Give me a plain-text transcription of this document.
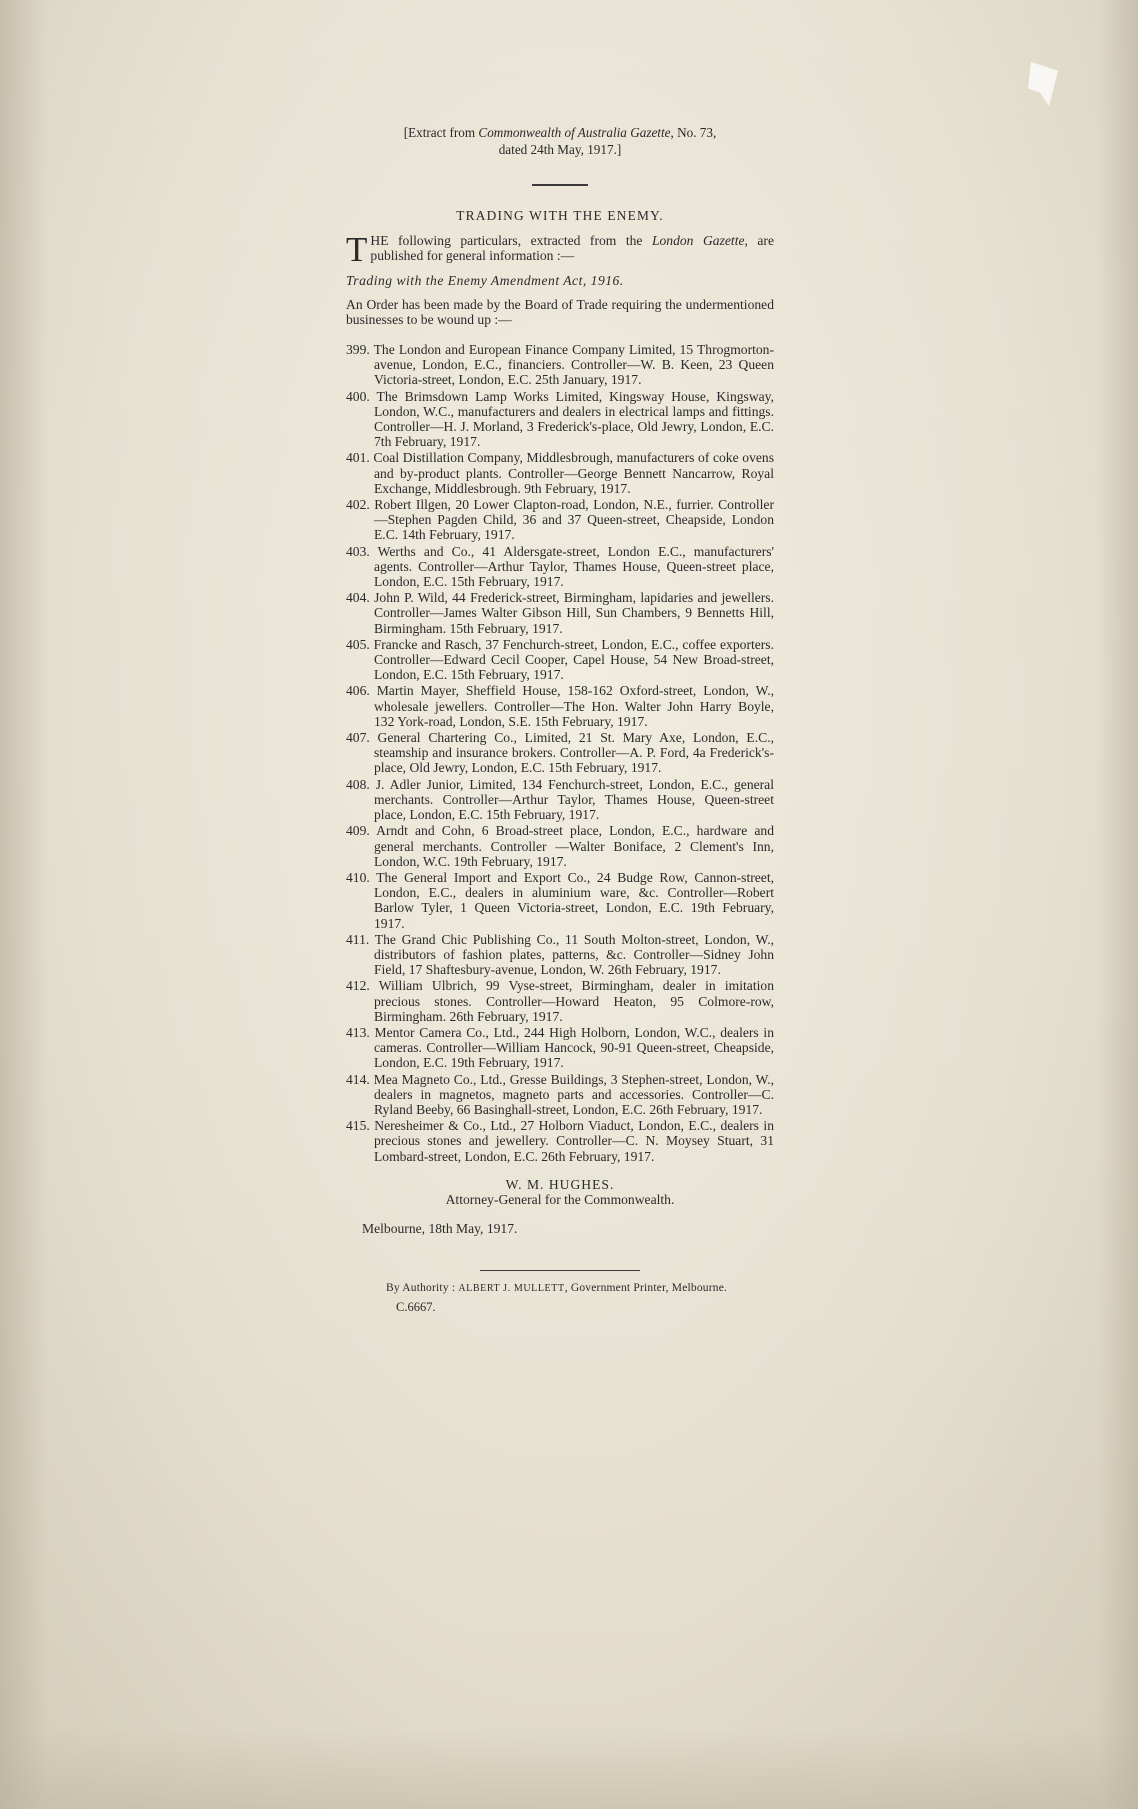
[Extract from Commonwealth of Australia Gazette, No. 73,
dated 24th May, 1917.]
TRADING WITH THE ENEMY.
THE following particulars, extracted from the London Gazette, are published for general information :—
Trading with the Enemy Amendment Act, 1916.
An Order has been made by the Board of Trade requiring the undermentioned businesses to be wound up :—
399. The London and European Finance Company Limited, 15 Throgmorton-avenue, London, E.C., financiers. Controller—W. B. Keen, 23 Queen Victoria-street, London, E.C. 25th January, 1917.
400. The Brimsdown Lamp Works Limited, Kingsway House, Kingsway, London, W.C., manufacturers and dealers in electrical lamps and fittings. Controller—H. J. Morland, 3 Frederick's-place, Old Jewry, London, E.C. 7th February, 1917.
401. Coal Distillation Company, Middlesbrough, manufacturers of coke ovens and by-product plants. Controller—George Bennett Nancarrow, Royal Exchange, Middlesbrough. 9th February, 1917.
402. Robert Illgen, 20 Lower Clapton-road, London, N.E., furrier. Controller—Stephen Pagden Child, 36 and 37 Queen-street, Cheapside, London E.C. 14th February, 1917.
403. Werths and Co., 41 Aldersgate-street, London E.C., manufacturers' agents. Controller—Arthur Taylor, Thames House, Queen-street place, London, E.C. 15th February, 1917.
404. John P. Wild, 44 Frederick-street, Birmingham, lapidaries and jewellers. Controller—James Walter Gibson Hill, Sun Chambers, 9 Bennetts Hill, Birmingham. 15th February, 1917.
405. Francke and Rasch, 37 Fenchurch-street, London, E.C., coffee exporters. Controller—Edward Cecil Cooper, Capel House, 54 New Broad-street, London, E.C. 15th February, 1917.
406. Martin Mayer, Sheffield House, 158-162 Oxford-street, London, W., wholesale jewellers. Controller—The Hon. Walter John Harry Boyle, 132 York-road, London, S.E. 15th February, 1917.
407. General Chartering Co., Limited, 21 St. Mary Axe, London, E.C., steamship and insurance brokers. Controller—A. P. Ford, 4a Frederick's-place, Old Jewry, London, E.C. 15th February, 1917.
408. J. Adler Junior, Limited, 134 Fenchurch-street, London, E.C., general merchants. Controller—Arthur Taylor, Thames House, Queen-street place, London, E.C. 15th February, 1917.
409. Arndt and Cohn, 6 Broad-street place, London, E.C., hardware and general merchants. Controller —Walter Boniface, 2 Clement's Inn, London, W.C. 19th February, 1917.
410. The General Import and Export Co., 24 Budge Row, Cannon-street, London, E.C., dealers in aluminium ware, &c. Controller—Robert Barlow Tyler, 1 Queen Victoria-street, London, E.C. 19th February, 1917.
411. The Grand Chic Publishing Co., 11 South Molton-street, London, W., distributors of fashion plates, patterns, &c. Controller—Sidney John Field, 17 Shaftesbury-avenue, London, W. 26th February, 1917.
412. William Ulbrich, 99 Vyse-street, Birmingham, dealer in imitation precious stones. Controller—Howard Heaton, 95 Colmore-row, Birmingham. 26th February, 1917.
413. Mentor Camera Co., Ltd., 244 High Holborn, London, W.C., dealers in cameras. Controller—William Hancock, 90-91 Queen-street, Cheapside, London, E.C. 19th February, 1917.
414. Mea Magneto Co., Ltd., Gresse Buildings, 3 Stephen-street, London, W., dealers in magnetos, magneto parts and accessories. Controller—C. Ryland Beeby, 66 Basinghall-street, London, E.C. 26th February, 1917.
415. Neresheimer & Co., Ltd., 27 Holborn Viaduct, London, E.C., dealers in precious stones and jewellery. Controller—C. N. Moysey Stuart, 31 Lombard-street, London, E.C. 26th February, 1917.
W. M. HUGHES.
Attorney-General for the Commonwealth.
Melbourne, 18th May, 1917.
By Authority : ALBERT J. MULLETT, Government Printer, Melbourne.
C.6667.
